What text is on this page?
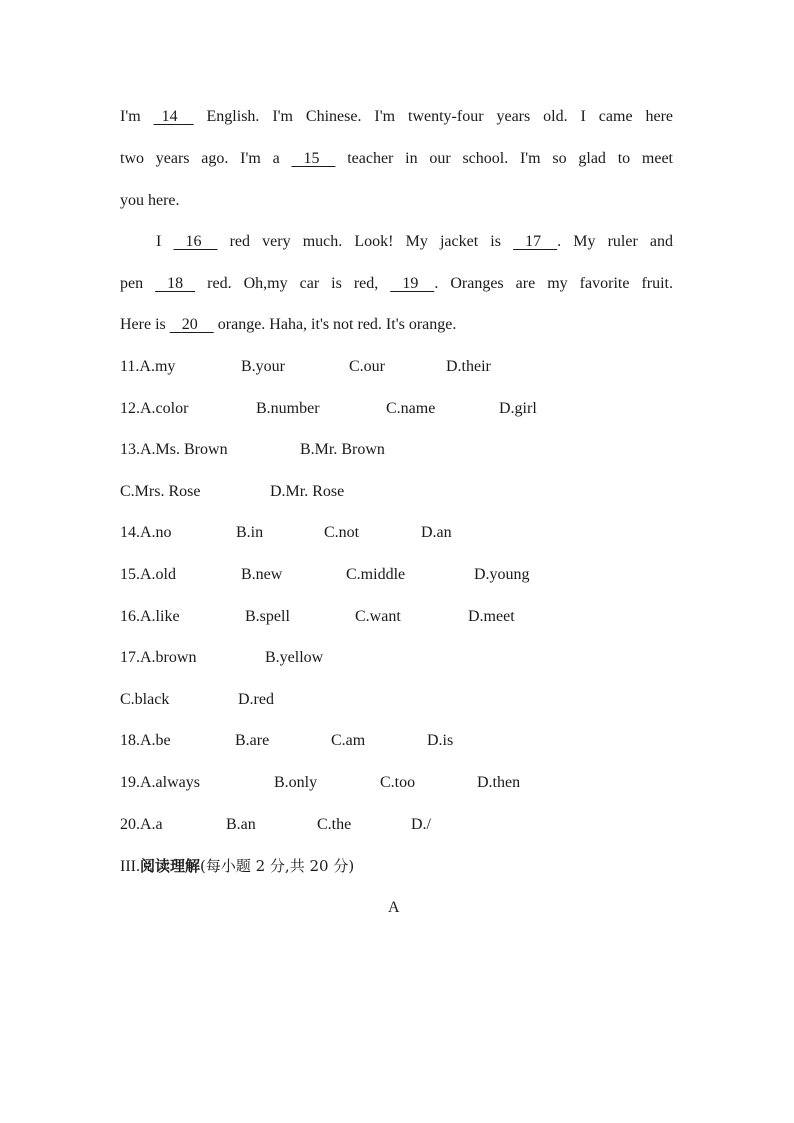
I'm   14     English. I'm Chinese. I'm twenty-four years old. I came here
two years ago. I'm a    15     teacher in our school. I'm so glad to meet
you here.
I    16     red very much. Look! My jacket is    17 . My ruler and
pen    18    red. Oh,my car is red,    19 . Oranges are my favorite fruit.
Here is    20     orange. Haha, it's not red. It's orange.
11.A.my	B.your	C.our	D.their
12.A.color	B.number	C.name	D.girl
13.A.Ms. Brown	B.Mr. Brown
C.Mrs. Rose	D.Mr. Rose
14.A.no	B.in	C.not	D.an
15.A.old	B.new	C.middle	D.young
16.A.like	B.spell	C.want	D.meet
17.A.brown	B.yellow
C.black	D.red
18.A.be	B.are	C.am	D.is
19.A.always	B.only	C.too	D.then
20.A.a	B.an	C.the	D./
III.阅读理解(每小题 2 分,共 20 分)
A
